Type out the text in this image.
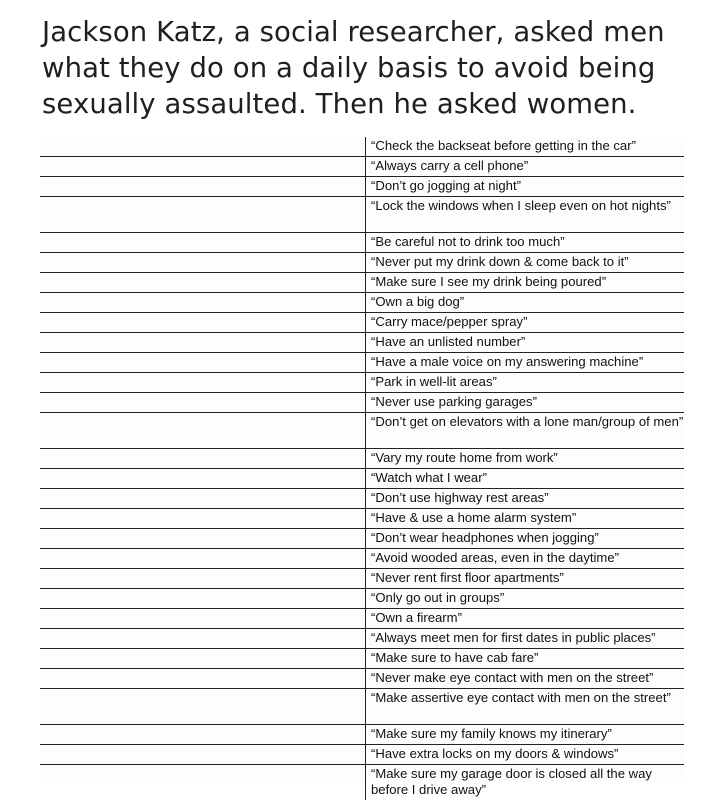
Jackson Katz, a social researcher, asked men what they do on a daily basis to avoid being sexually assaulted. Then he asked women.
“Check the backseat before getting in the car”
“Always carry a cell phone”
“Don’t go jogging at night”
“Lock the windows when I sleep even on hot nights”
“Be careful not to drink too much”
“Never put my drink down & come back to it”
“Make sure I see my drink being poured”
“Own a big dog”
“Carry mace/pepper spray”
“Have an unlisted number”
“Have a male voice on my answering machine”
“Park in well-lit areas”
“Never use parking garages”
“Don’t get on elevators with a lone man/group of men”
“Vary my route home from work”
“Watch what I wear”
“Don’t use highway rest areas”
“Have & use a home alarm system”
“Don’t wear headphones when jogging”
“Avoid wooded areas, even in the daytime”
“Never rent first floor apartments”
“Only go out in groups”
“Own a firearm”
“Always meet men for first dates in public places”
“Make sure to have cab fare”
“Never make eye contact with men on the street”
“Make assertive eye contact with men on the street”
“Make sure my family knows my itinerary”
“Have extra locks on my doors & windows”
“Make sure my garage door is closed all the way before I drive away”
